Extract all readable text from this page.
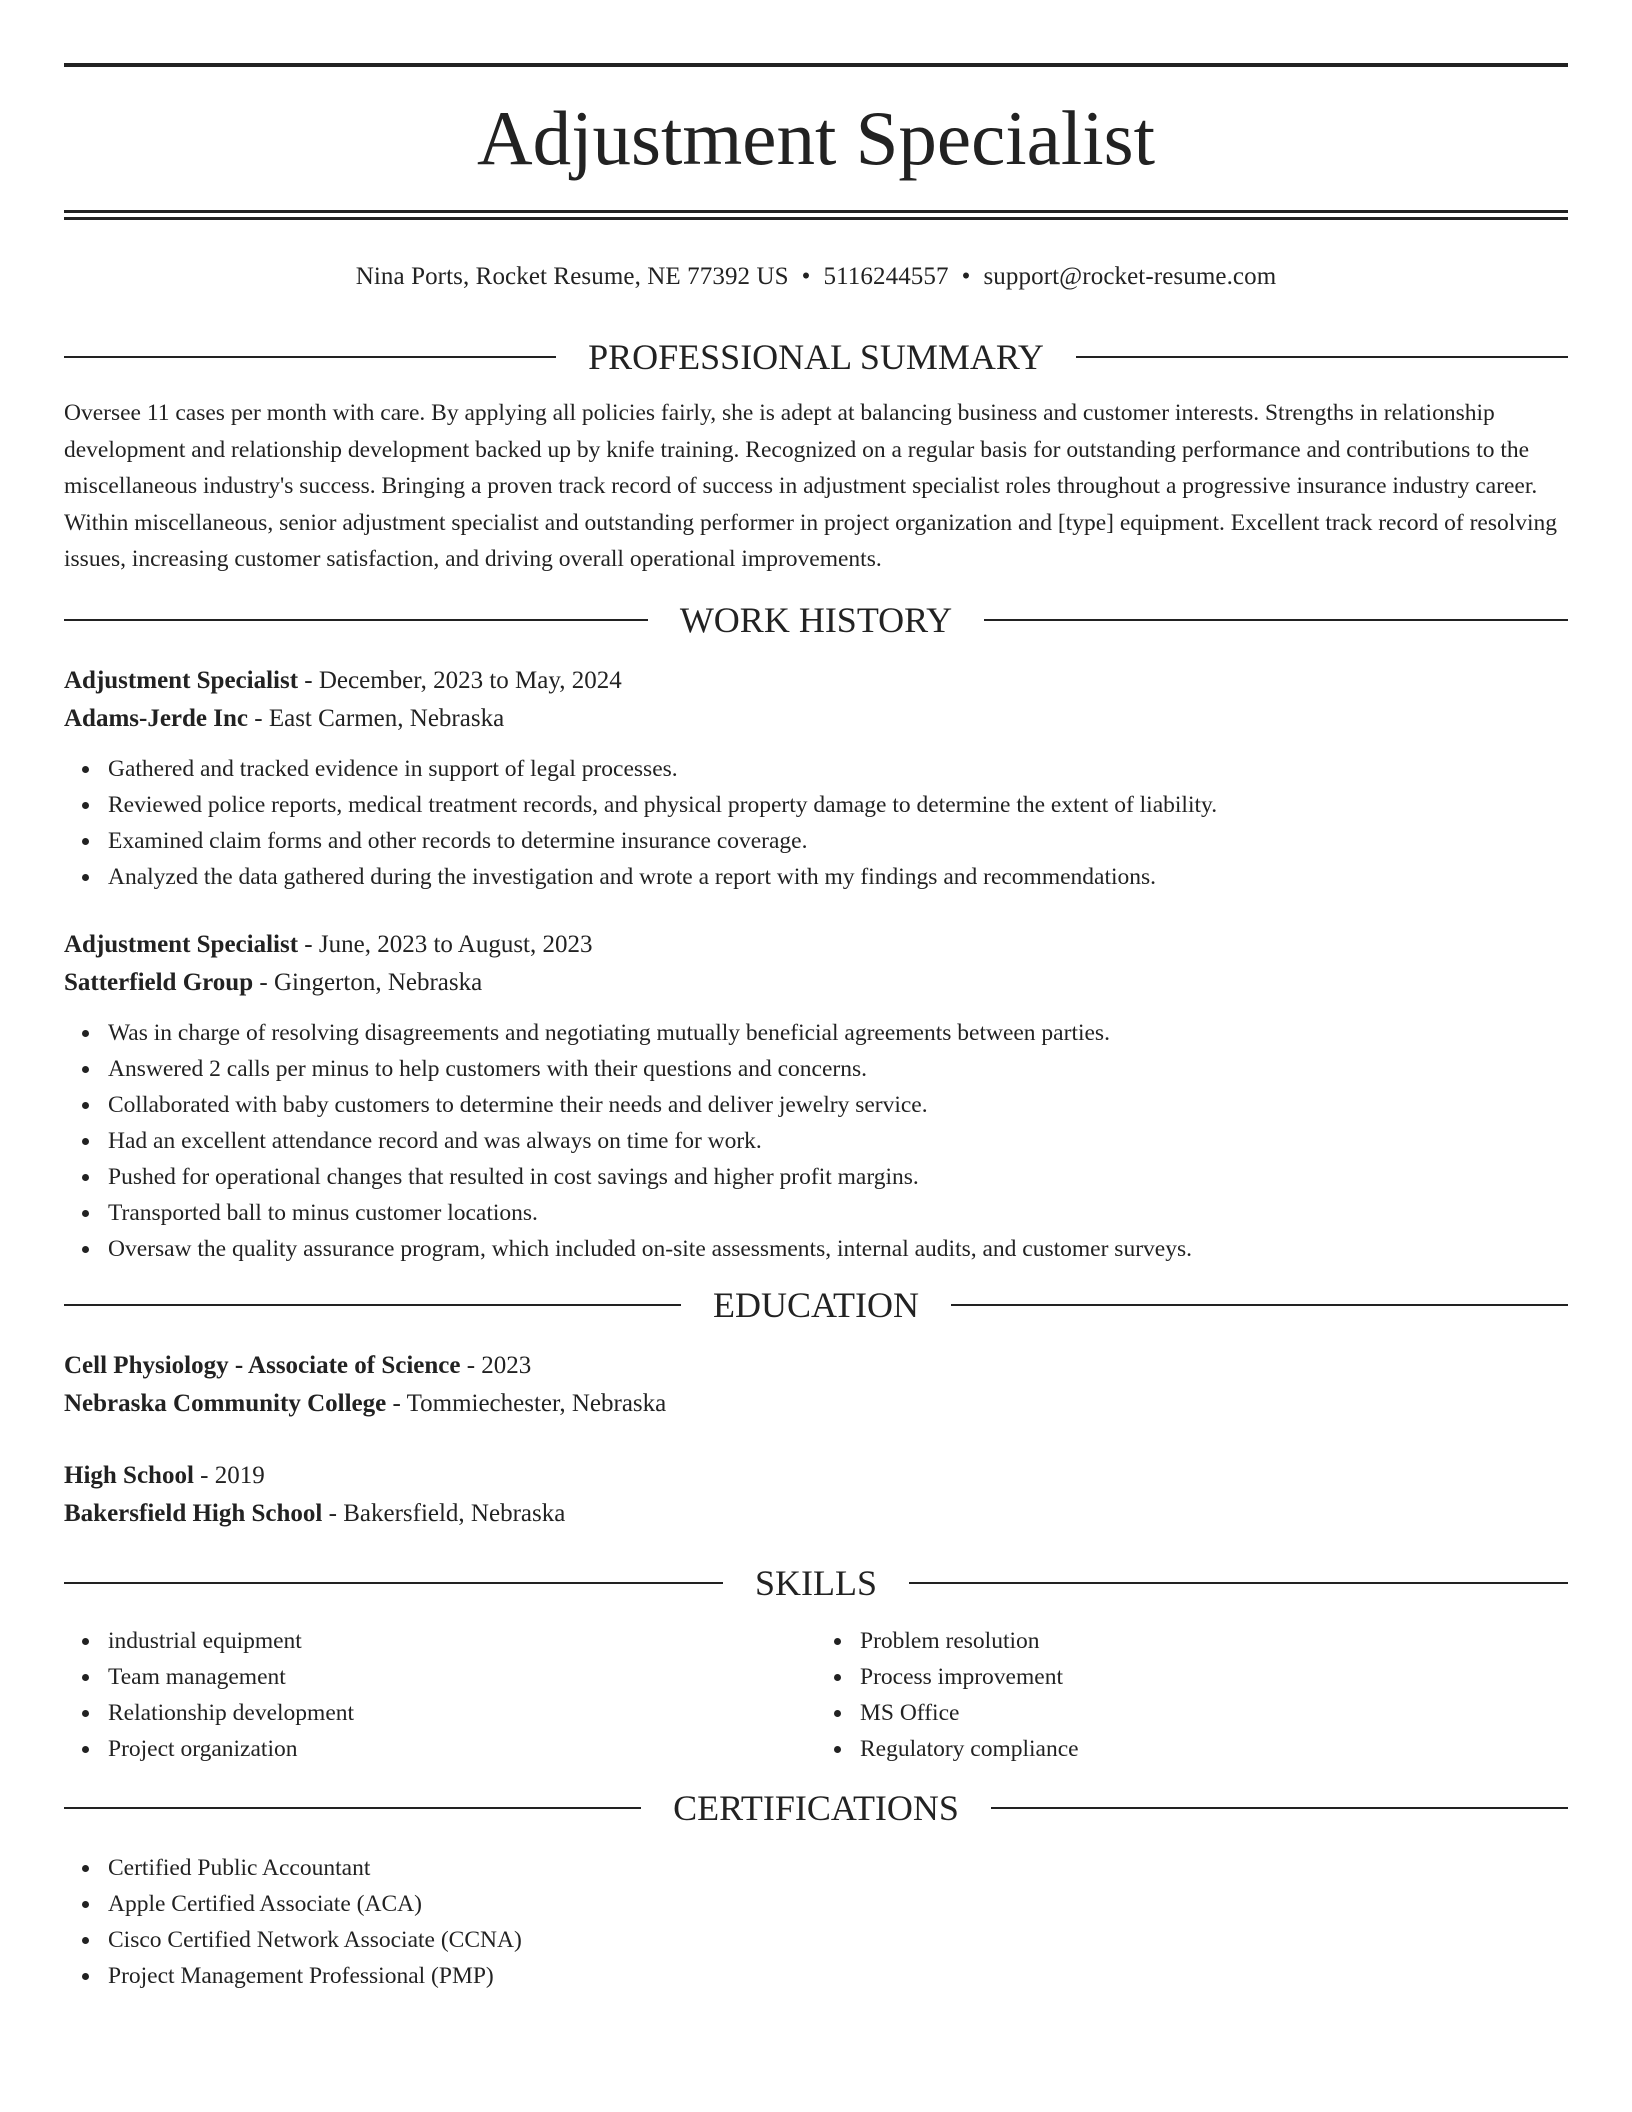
Adjustment Specialist
Nina Ports, Rocket Resume, NE 77392 US • 5116244557 • support@rocket-resume.com
PROFESSIONAL SUMMARY

Oversee 11 cases per month with care. By applying all policies fairly, she is adept at balancing business and customer interests. Strengths in relationship development and relationship development backed up by knife training. Recognized on a regular basis for outstanding performance and contributions to the miscellaneous industry's success. Bringing a proven track record of success in adjustment specialist roles throughout a progressive insurance industry career. Within miscellaneous, senior adjustment specialist and outstanding performer in project organization and [type] equipment. Excellent track record of resolving issues, increasing customer satisfaction, and driving overall operational improvements.

WORK HISTORY
Adjustment Specialist - December, 2023 to May, 2024
Adams-Jerde Inc - East Carmen, Nebraska
Gathered and tracked evidence in support of legal processes.
Reviewed police reports, medical treatment records, and physical property damage to determine the extent of liability.
Examined claim forms and other records to determine insurance coverage.
Analyzed the data gathered during the investigation and wrote a report with my findings and recommendations.
Adjustment Specialist - June, 2023 to August, 2023
Satterfield Group - Gingerton, Nebraska
Was in charge of resolving disagreements and negotiating mutually beneficial agreements between parties.
Answered 2 calls per minus to help customers with their questions and concerns.
Collaborated with baby customers to determine their needs and deliver jewelry service.
Had an excellent attendance record and was always on time for work.
Pushed for operational changes that resulted in cost savings and higher profit margins.
Transported ball to minus customer locations.
Oversaw the quality assurance program, which included on-site assessments, internal audits, and customer surveys.
EDUCATION
Cell Physiology - Associate of Science - 2023
Nebraska Community College - Tommiechester, Nebraska
High School - 2019
Bakersfield High School - Bakersfield, Nebraska
SKILLS
industrial equipment
Team management
Relationship development
Project organization
Problem resolution
Process improvement
MS Office
Regulatory compliance
CERTIFICATIONS
Certified Public Accountant
Apple Certified Associate (ACA)
Cisco Certified Network Associate (CCNA)
Project Management Professional (PMP)
